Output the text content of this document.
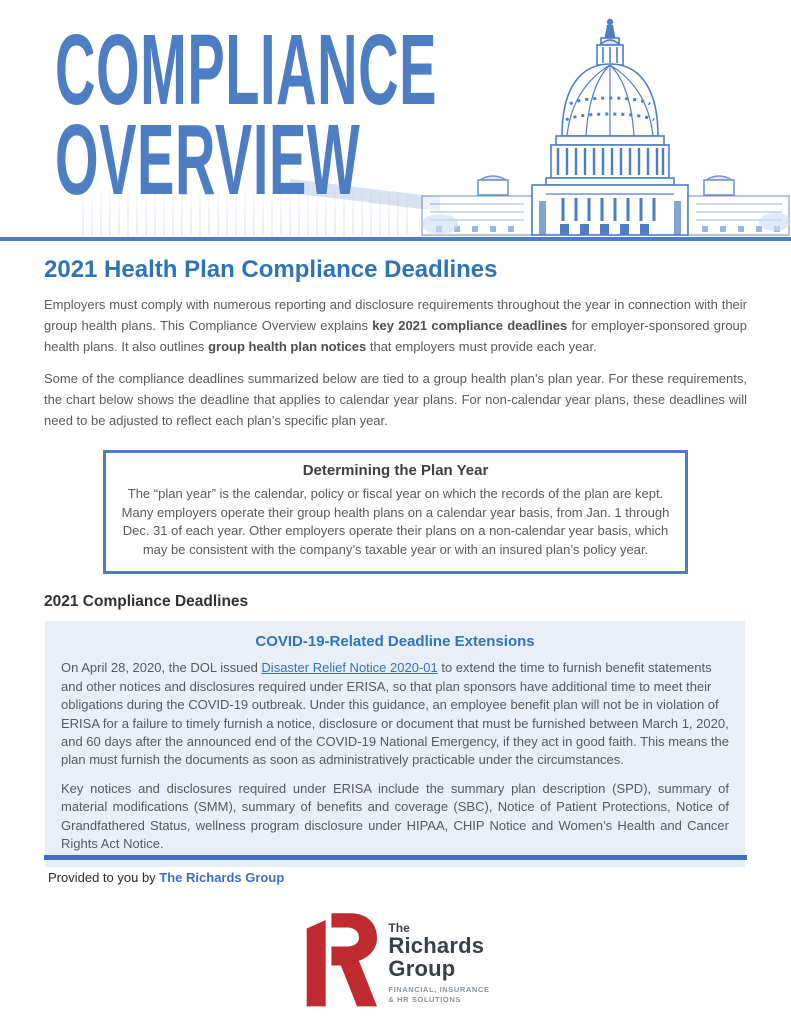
COMPLIANCE
OVERVIEW
2021 Health Plan Compliance Deadlines

Employers must comply with numerous reporting and disclosure requirements throughout the year in connection with their group health plans. This Compliance Overview explains key 2021 compliance deadlines for employer-sponsored group health plans. It also outlines group health plan notices that employers must provide each year.

Some of the compliance deadlines summarized below are tied to a group health plan’s plan year. For these requirements, the chart below shows the deadline that applies to calendar year plans. For non-calendar year plans, these deadlines will need to be adjusted to reflect each plan’s specific plan year.

Determining the Plan Year
The “plan year” is the calendar, policy or fiscal year on which the records of the plan are kept. Many employers operate their group health plans on a calendar year basis, from Jan. 1 through Dec. 31 of each year. Other employers operate their plans on a non-calendar year basis, which may be consistent with the company’s taxable year or with an insured plan’s policy year.
2021 Compliance Deadlines
COVID-19-Related Deadline Extensions

On April 28, 2020, the DOL issued Disaster Relief Notice 2020-01 to extend the time to furnish benefit statements and other notices and disclosures required under ERISA, so that plan sponsors have additional time to meet their obligations during the COVID-19 outbreak. Under this guidance, an employee benefit plan will not be in violation of ERISA for a failure to timely furnish a notice, disclosure or document that must be furnished between March 1, 2020, and 60 days after the announced end of the COVID-19 National Emergency, if they act in good faith. This means the plan must furnish the documents as soon as administratively practicable under the circumstances.

Key notices and disclosures required under ERISA include the summary plan description (SPD), summary of material modifications (SMM), summary of benefits and coverage (SBC), Notice of Patient Protections, Notice of Grandfathered Status, wellness program disclosure under HIPAA, CHIP Notice and Women’s Health and Cancer Rights Act Notice.

Provided to you by The Richards Group
The
Richards
Group
FINANCIAL, INSURANCE
& HR SOLUTIONS
